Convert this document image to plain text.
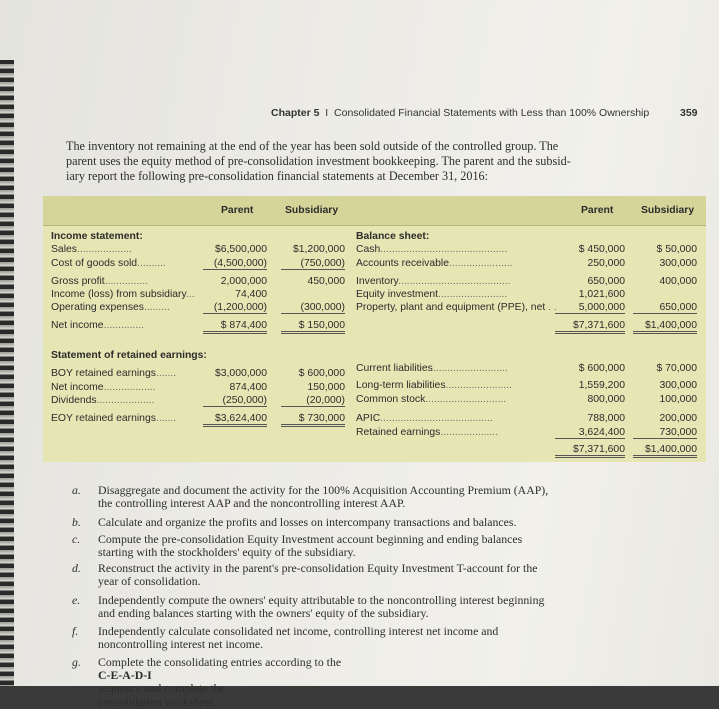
Chapter 5 I Consolidated Financial Statements with Less than 100% Ownership	359
The inventory not remaining at the end of the year has been sold outside of the controlled group. The
parent uses the equity method of pre-consolidation investment bookkeeping. The parent and the subsid-
iary report the following pre-consolidation financial statements at December 31, 2016:
Parent	Subsidiary	Parent	Subsidiary
Income statement:
Sales...................	$6,500,000	$1,200,000
Cost of goods sold..........	(4,500,000)	(750,000)
Gross profit...............	2,000,000	450,000
Income (loss) from subsidiary...	74,400
Operating expenses.........	(1,200,000)	(300,000)
Net income..............	$ 874,400	$ 150,000
Statement of retained earnings:
BOY retained earnings.......	$3,000,000	$ 600,000
Net income..................	874,400	150,000
Dividends....................	(250,000)	(20,000)
EOY retained earnings.......	$3,624,400	$ 730,000
Balance sheet:
Cash............................................	$ 450,000	$ 50,000
Accounts receivable......................	250,000	300,000
Inventory.......................................	650,000	400,000
Equity investment........................	1,021,600
Property, plant and equipment (PPE), net . .	5,000,000	650,000
$7,371,600	$1,400,000
Current liabilities..........................	$ 600,000	$ 70,000
Long-term liabilities.......................	1,559,200	300,000
Common stock............................	800,000	100,000
APIC.......................................	788,000	200,000
Retained earnings....................	3,624,400	730,000
$7,371,600	$1,400,000
a. Disaggregate and document the activity for the 100% Acquisition Accounting Premium (AAP),
the controlling interest AAP and the noncontrolling interest AAP.
b. Calculate and organize the profits and losses on intercompany transactions and balances.
c. Compute the pre-consolidation Equity Investment account beginning and ending balances
starting with the stockholders' equity of the subsidiary.
d. Reconstruct the activity in the parent's pre-consolidation Equity Investment T-account for the
year of consolidation.
e. Independently compute the owners' equity attributable to the noncontrolling interest beginning
and ending balances starting with the owners' equity of the subsidiary.
f. Independently calculate consolidated net income, controlling interest net income and
noncontrolling interest net income.
g. Complete the consolidating entries according to the
C-E-A-D-I
sequence and complete the
consolidation worksheet.
